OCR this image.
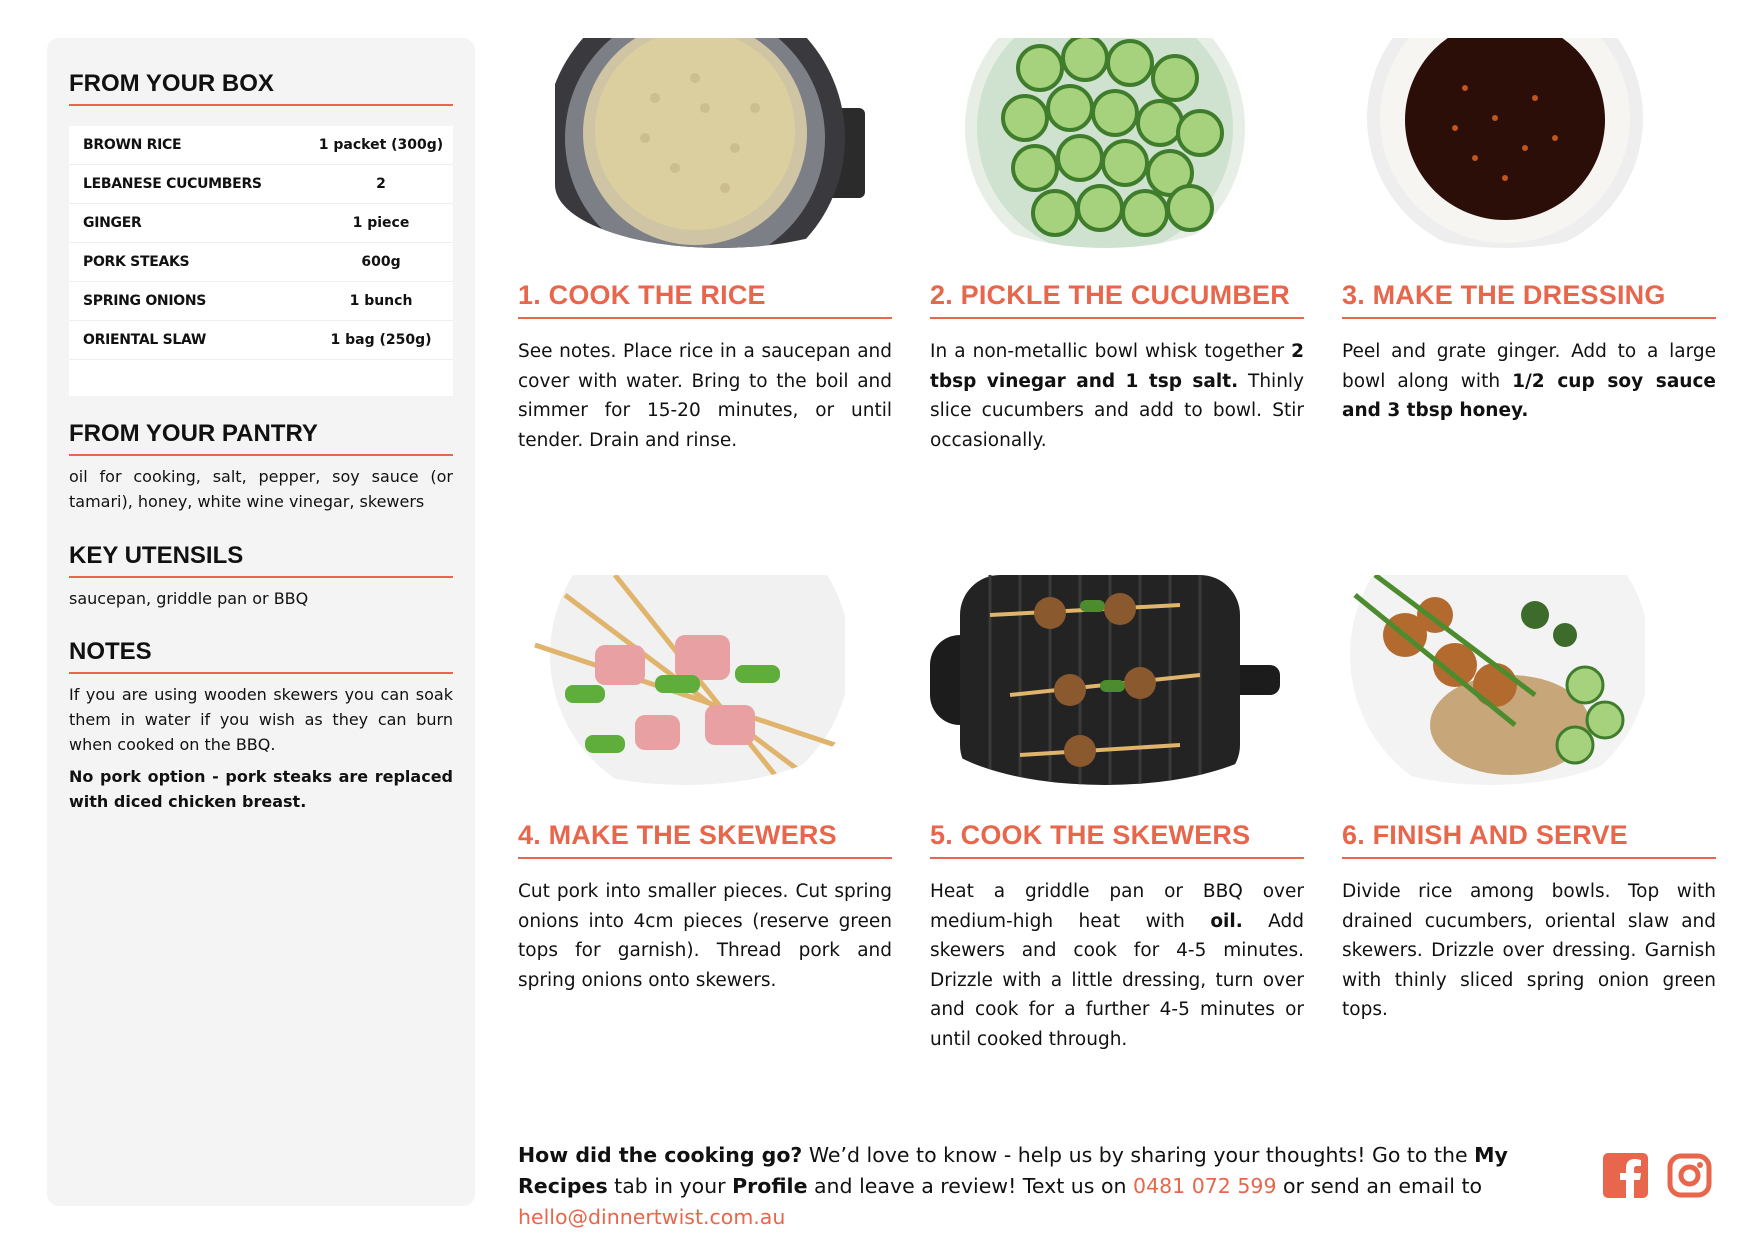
FROM YOUR BOX
BROWN RICE	1 packet (300g)
LEBANESE CUCUMBERS	2
GINGER	1 piece
PORK STEAKS	600g
SPRING ONIONS	1 bunch
ORIENTAL SLAW	1 bag (250g)
FROM YOUR PANTRY
oil for cooking, salt, pepper, soy sauce (or tamari), honey, white wine vinegar, skewers
KEY UTENSILS
saucepan, griddle pan or BBQ
NOTES
If you are using wooden skewers you can soak them in water if you wish as they can burn when cooked on the BBQ.
No pork option - pork steaks are replaced with diced chicken breast.
1. COOK THE RICE
See notes. Place rice in a saucepan and cover with water. Bring to the boil and simmer for 15-20 minutes, or until tender. Drain and rinse.
2. PICKLE THE CUCUMBER
In a non-metallic bowl whisk together 2 tbsp vinegar and 1 tsp salt. Thinly slice cucumbers and add to bowl. Stir occasionally.
3. MAKE THE DRESSING
Peel and grate ginger. Add to a large bowl along with 1/2 cup soy sauce and 3 tbsp honey.
4. MAKE THE SKEWERS
Cut pork into smaller pieces. Cut spring onions into 4cm pieces (reserve green tops for garnish). Thread pork and spring onions onto skewers.
5. COOK THE SKEWERS
Heat a griddle pan or BBQ over medium-high heat with oil. Add skewers and cook for 4-5 minutes. Drizzle with a little dressing, turn over and cook for a further 4-5 minutes or until cooked through.
6. FINISH AND SERVE
Divide rice among bowls. Top with drained cucumbers, oriental slaw and skewers. Drizzle over dressing. Garnish with thinly sliced spring onion green tops.
How did the cooking go? We’d love to know - help us by sharing your thoughts! Go to the My Recipes tab in your Profile and leave a review! Text us on 0481 072 599 or send an email to hello@dinnertwist.com.au
